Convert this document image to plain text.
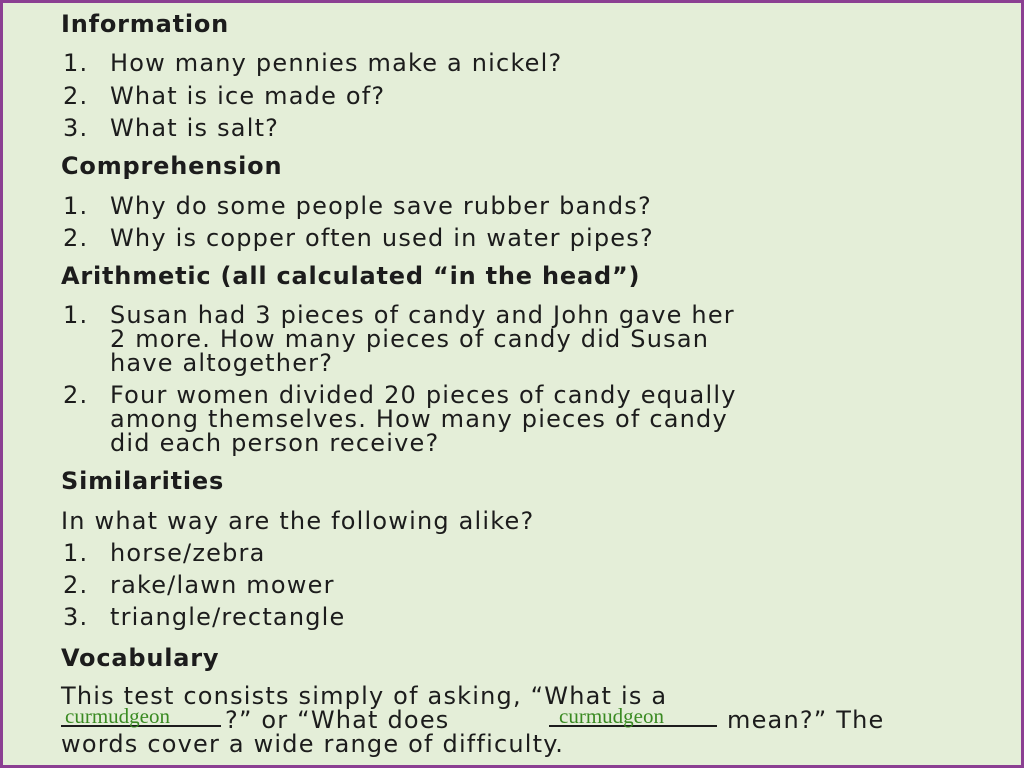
Information
1. How many pennies make a nickel?
2. What is ice made of?
3. What is salt?
Comprehension
1. Why do some people save rubber bands?
2. Why is copper often used in water pipes?
Arithmetic (all calculated “in the head”)
1. Susan had 3 pieces of candy and John gave her
2 more. How many pieces of candy did Susan
have altogether?
2. Four women divided 20 pieces of candy equally
among themselves. How many pieces of candy
did each person receive?
Similarities
In what way are the following alike?
1. horse/zebra
2. rake/lawn mower
3. triangle/rectangle
Vocabulary
This test consists simply of asking, “What is a
curmudgeon ?” or “What does	curmudgeon	mean?” The
words cover a wide range of difficulty.
